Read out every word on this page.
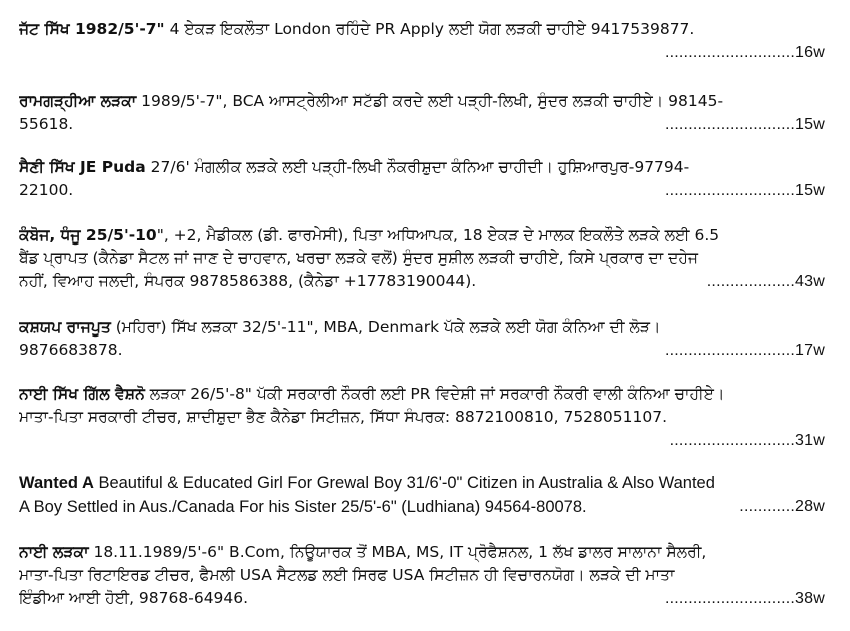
ਜੱਟ ਸਿੱਖ 1982/5'-7" 4 ਏਕੜ ਇਕਲੌਤਾ London ਰਹਿੰਦੇ PR Apply ਲਈ ਯੋਗ ਲੜਕੀ ਚਾਹੀਏ 9417539877.
............................16w
ਰਾਮਗੜ੍ਹੀਆ ਲੜਕਾ 1989/5'-7", BCA ਆਸਟ੍ਰੇਲੀਆ ਸਟੱਡੀ ਕਰਦੇ ਲਈ ਪੜ੍ਹੀ-ਲਿਖੀ, ਸੁੰਦਰ ਲੜਕੀ ਚਾਹੀਏ। 98145-
55618.	............................15w
ਸੈਣੀ ਸਿੱਖ JE Puda 27/6' ਮੰਗਲੀਕ ਲੜਕੇ ਲਈ ਪੜ੍ਹੀ-ਲਿਖੀ ਨੌਕਰੀਸ਼ੁਦਾ ਕੰਨਿਆ ਚਾਹੀਦੀ। ਹੁਸ਼ਿਆਰਪੁਰ-97794-
22100.	............................15w
ਕੰਬੋਜ, ਧੰਜੂ 25/5'-10", +2, ਮੈਡੀਕਲ (ਡੀ. ਫਾਰਮੇਸੀ), ਪਿਤਾ ਅਧਿਆਪਕ, 18 ਏਕੜ ਦੇ ਮਾਲਕ ਇਕਲੌਤੇ ਲੜਕੇ ਲਈ 6.5
ਬੈਂਡ ਪ੍ਰਾਪਤ (ਕੈਨੇਡਾ ਸੈਟਲ ਜਾਂ ਜਾਣ ਦੇ ਚਾਹਵਾਨ, ਖਰਚਾ ਲੜਕੇ ਵਲੋਂ) ਸੁੰਦਰ ਸੁਸ਼ੀਲ ਲੜਕੀ ਚਾਹੀਏ, ਕਿਸੇ ਪ੍ਰਕਾਰ ਦਾ ਦਹੇਜ
ਨਹੀਂ, ਵਿਆਹ ਜਲਦੀ, ਸੰਪਰਕ 9878586388, (ਕੈਨੇਡਾ +17783190044).	...................43w
ਕਸ਼ਯਪ ਰਾਜਪੂਤ (ਮਹਿਰਾ) ਸਿੱਖ ਲੜਕਾ 32/5'-11", MBA, Denmark ਪੱਕੇ ਲੜਕੇ ਲਈ ਯੋਗ ਕੰਨਿਆ ਦੀ ਲੋੜ।
9876683878.	............................17w
ਨਾਈ ਸਿੱਖ ਗਿੱਲ ਵੈਸ਼ਨੋ ਲੜਕਾ 26/5'-8" ਪੱਕੀ ਸਰਕਾਰੀ ਨੌਕਰੀ ਲਈ PR ਵਿਦੇਸ਼ੀ ਜਾਂ ਸਰਕਾਰੀ ਨੌਕਰੀ ਵਾਲੀ ਕੰਨਿਆ ਚਾਹੀਏ।
ਮਾਤਾ-ਪਿਤਾ ਸਰਕਾਰੀ ਟੀਚਰ, ਸ਼ਾਦੀਸ਼ੁਦਾ ਭੈਣ ਕੈਨੇਡਾ ਸਿਟੀਜ਼ਨ, ਸਿੱਧਾ ਸੰਪਰਕ: 8872100810, 7528051107.
...........................31w
Wanted A Beautiful & Educated Girl For Grewal Boy 31/6'-0" Citizen in Australia & Also Wanted
A Boy Settled in Aus./Canada For his Sister 25/5'-6" (Ludhiana) 94564-80078.	............28w
ਨਾਈ ਲੜਕਾ 18.11.1989/5'-6" B.Com, ਨਿਊਯਾਰਕ ਤੋਂ MBA, MS, IT ਪ੍ਰੋਫੈਸ਼ਨਲ, 1 ਲੱਖ ਡਾਲਰ ਸਾਲਾਨਾ ਸੈਲਰੀ,
ਮਾਤਾ-ਪਿਤਾ ਰਿਟਾਇਰਡ ਟੀਚਰ, ਫੈਮਲੀ USA ਸੈਟਲਡ ਲਈ ਸਿਰਫ USA ਸਿਟੀਜ਼ਨ ਹੀ ਵਿਚਾਰਨਯੋਗ। ਲੜਕੇ ਦੀ ਮਾਤਾ
ਇੰਡੀਆ ਆਈ ਹੋਈ, 98768-64946.	............................38w
